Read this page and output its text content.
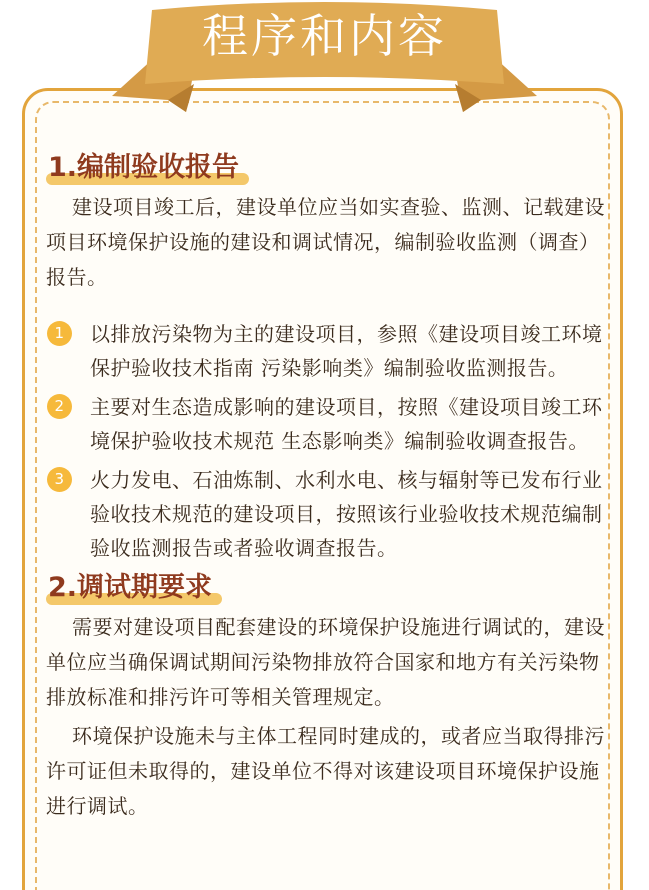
程序和内容
1.编制验收报告

建设项目竣工后，建设单位应当如实查验、监测、记载建设项目环境保护设施的建设和调试情况，编制验收监测（调查）报告。

1	以排放污染物为主的建设项目，参照《建设项目竣工环境保护验收技术指南 污染影响类》编制验收监测报告。
2	主要对生态造成影响的建设项目，按照《建设项目竣工环境保护验收技术规范 生态影响类》编制验收调查报告。
3	火力发电、石油炼制、水利水电、核与辐射等已发布行业验收技术规范的建设项目，按照该行业验收技术规范编制验收监测报告或者验收调查报告。
2.调试期要求

需要对建设项目配套建设的环境保护设施进行调试的，建设单位应当确保调试期间污染物排放符合国家和地方有关污染物排放标准和排污许可等相关管理规定。

环境保护设施未与主体工程同时建成的，或者应当取得排污许可证但未取得的，建设单位不得对该建设项目环境保护设施进行调试。
